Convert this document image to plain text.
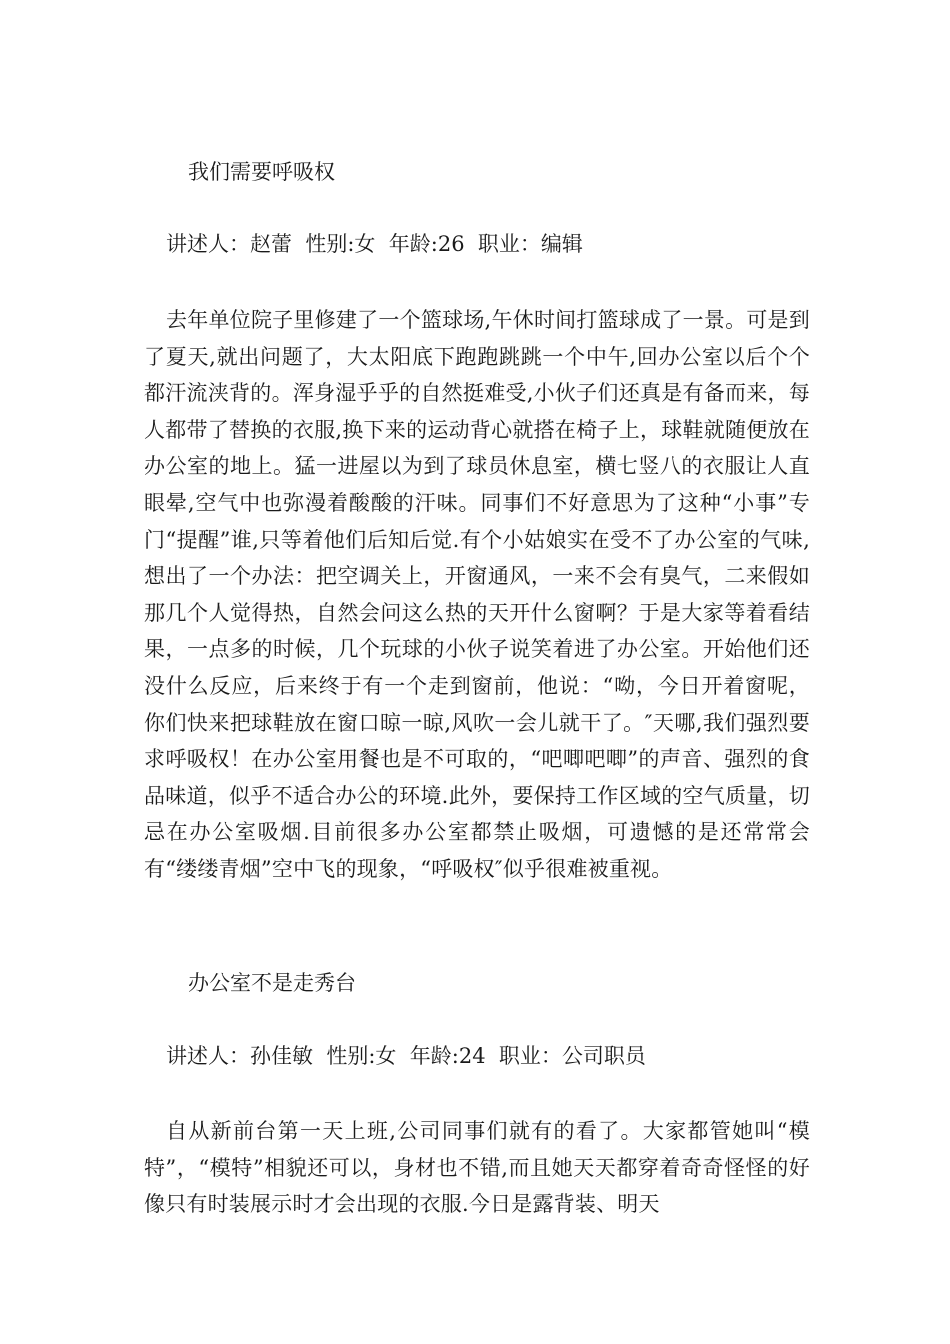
我们需要呼吸权
讲述人：赵蕾  性别:女  年龄:26  职业：编辑

去年单位院子里修建了一个篮球场,午休时间打篮球成了一景。可是到了夏天,就出问题了，大太阳底下跑跑跳跳一个中午,回办公室以后个个都汗流浃背的。浑身湿乎乎的自然挺难受,小伙子们还真是有备而来，每人都带了替换的衣服,换下来的运动背心就搭在椅子上，球鞋就随便放在办公室的地上。猛一进屋以为到了球员休息室，横七竖八的衣服让人直眼晕,空气中也弥漫着酸酸的汗味。同事们不好意思为了这种“小事”专门“提醒”谁,只等着他们后知后觉.有个小姑娘实在受不了办公室的气味,想出了一个办法：把空调关上，开窗通风，一来不会有臭气，二来假如那几个人觉得热，自然会问这么热的天开什么窗啊？于是大家等着看结果，一点多的时候，几个玩球的小伙子说笑着进了办公室。开始他们还没什么反应，后来终于有一个走到窗前，他说：“呦，今日开着窗呢，你们快来把球鞋放在窗口晾一晾,风吹一会儿就干了。″天哪,我们强烈要求呼吸权！在办公室用餐也是不可取的，“吧唧吧唧”的声音、强烈的食品味道，似乎不适合办公的环境.此外，要保持工作区域的空气质量，切忌在办公室吸烟.目前很多办公室都禁止吸烟，可遗憾的是还常常会有“缕缕青烟”空中飞的现象，“呼吸权″似乎很难被重视。

办公室不是走秀台
讲述人：孙佳敏  性别:女  年龄:24  职业：公司职员

自从新前台第一天上班,公司同事们就有的看了。大家都管她叫“模特”，“模特”相貌还可以，身材也不错,而且她天天都穿着奇奇怪怪的好像只有时装展示时才会出现的衣服.今日是露背装、明天
